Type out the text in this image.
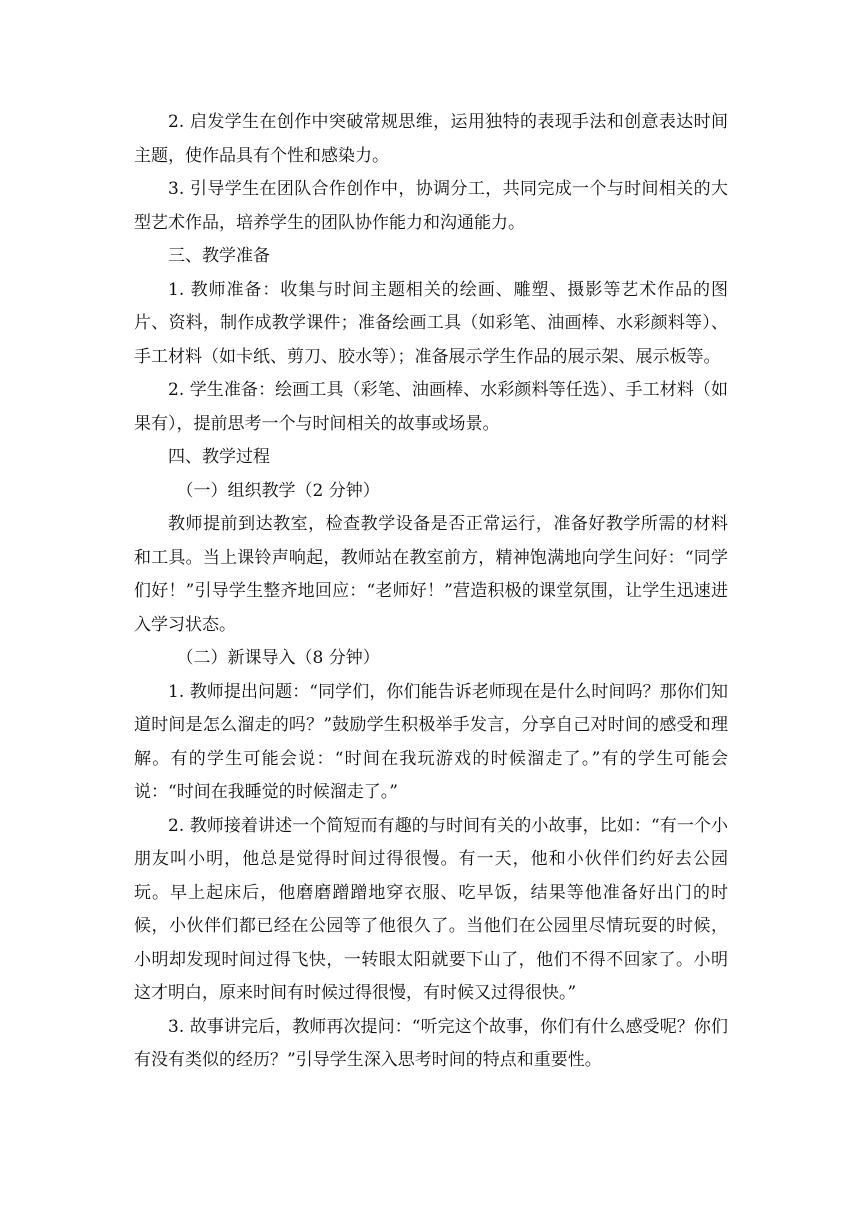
2. 启发学生在创作中突破常规思维，运用独特的表现手法和创意表达时间主题，使作品具有个性和感染力。

3. 引导学生在团队合作创作中，协调分工，共同完成一个与时间相关的大型艺术作品，培养学生的团队协作能力和沟通能力。

三、教学准备

1. 教师准备：收集与时间主题相关的绘画、雕塑、摄影等艺术作品的图片、资料，制作成教学课件；准备绘画工具（如彩笔、油画棒、水彩颜料等）、手工材料（如卡纸、剪刀、胶水等）；准备展示学生作品的展示架、展示板等。

2. 学生准备：绘画工具（彩笔、油画棒、水彩颜料等任选）、手工材料（如果有），提前思考一个与时间相关的故事或场景。

四、教学过程

（一）组织教学（2 分钟）

教师提前到达教室，检查教学设备是否正常运行，准备好教学所需的材料和工具。当上课铃声响起，教师站在教室前方，精神饱满地向学生问好：“同学们好！”引导学生整齐地回应：“老师好！”营造积极的课堂氛围，让学生迅速进入学习状态。

（二）新课导入（8 分钟）

1. 教师提出问题：“同学们，你们能告诉老师现在是什么时间吗？那你们知道时间是怎么溜走的吗？”鼓励学生积极举手发言，分享自己对时间的感受和理解。有的学生可能会说：“时间在我玩游戏的时候溜走了。”有的学生可能会说：“时间在我睡觉的时候溜走了。”

2. 教师接着讲述一个简短而有趣的与时间有关的小故事，比如：“有一个小朋友叫小明，他总是觉得时间过得很慢。有一天，他和小伙伴们约好去公园玩。早上起床后，他磨磨蹭蹭地穿衣服、吃早饭，结果等他准备好出门的时候，小伙伴们都已经在公园等了他很久了。当他们在公园里尽情玩耍的时候，小明却发现时间过得飞快，一转眼太阳就要下山了，他们不得不回家了。小明这才明白，原来时间有时候过得很慢，有时候又过得很快。”

3. 故事讲完后，教师再次提问：“听完这个故事，你们有什么感受呢？你们有没有类似的经历？”引导学生深入思考时间的特点和重要性。
